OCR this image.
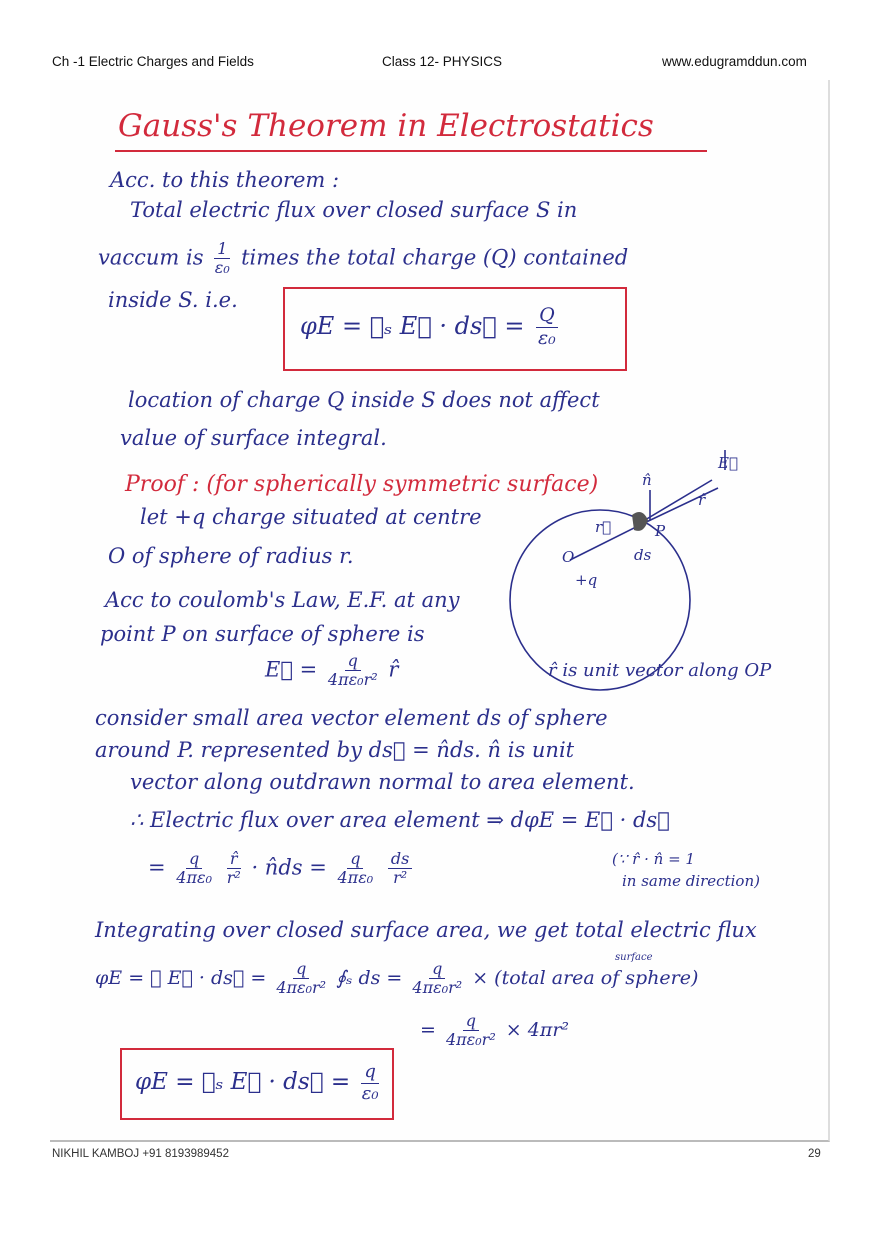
Ch -1 Electric Charges and Fields	Class 12- PHYSICS	www.edugramddun.com
Gauss's Theorem in Electrostatics
Acc. to this theorem :
Total electric flux over closed surface S in
vaccum is $\frac{1}{\text{ε₀}}$ times the total charge (Q) contained
inside S. i.e.
φE = ∮ₛ E⃗ · ds⃗ = $\frac{Q}{\text{ε₀}}$
location of charge Q inside S does not affect
value of surface integral.
Proof : (for spherically symmetric surface)
let +q charge situated at centre
O of sphere of radius r.
Acc to coulomb's Law, E.F. at any
point P on surface of sphere is
E⃗ = $\frac{q}{\text{4πε₀r²}}$ r̂	r̂ is unit vector along OP
consider small area vector element ds of sphere
around P. represented by ds⃗ = n̂ds. n̂ is unit
vector along outdrawn normal to area element.
∴ Electric flux over area element ⇒ dφE = E⃗ · ds⃗
= $\frac{q}{\text{4πε₀}}$
$\frac{r̂}{\text{r²}}$ · n̂ds = $\frac{q}{\text{4πε₀}}$
$\frac{ds}{\text{r²}}$	(∵ r̂ · n̂ = 1
in same direction)
Integrating over closed surface area, we get total electric flux
φE = ∮ E⃗ · ds⃗ = $\frac{q}{\text{4πε₀r²}}$ ∮ₛ ds = $\frac{q}{\text{4πε₀r²}}$ × (total area of sphere)
surface
= $\frac{q}{\text{4πε₀r²}} \times 4\pi r^2$
φE = ∮ₛ E⃗ · ds⃗ = $\frac{q}{\text{ε₀}}$
E⃗
n̂
r̂
r⃗
O
P
ds
+q
NIKHIL KAMBOJ +91 8193989452	29
